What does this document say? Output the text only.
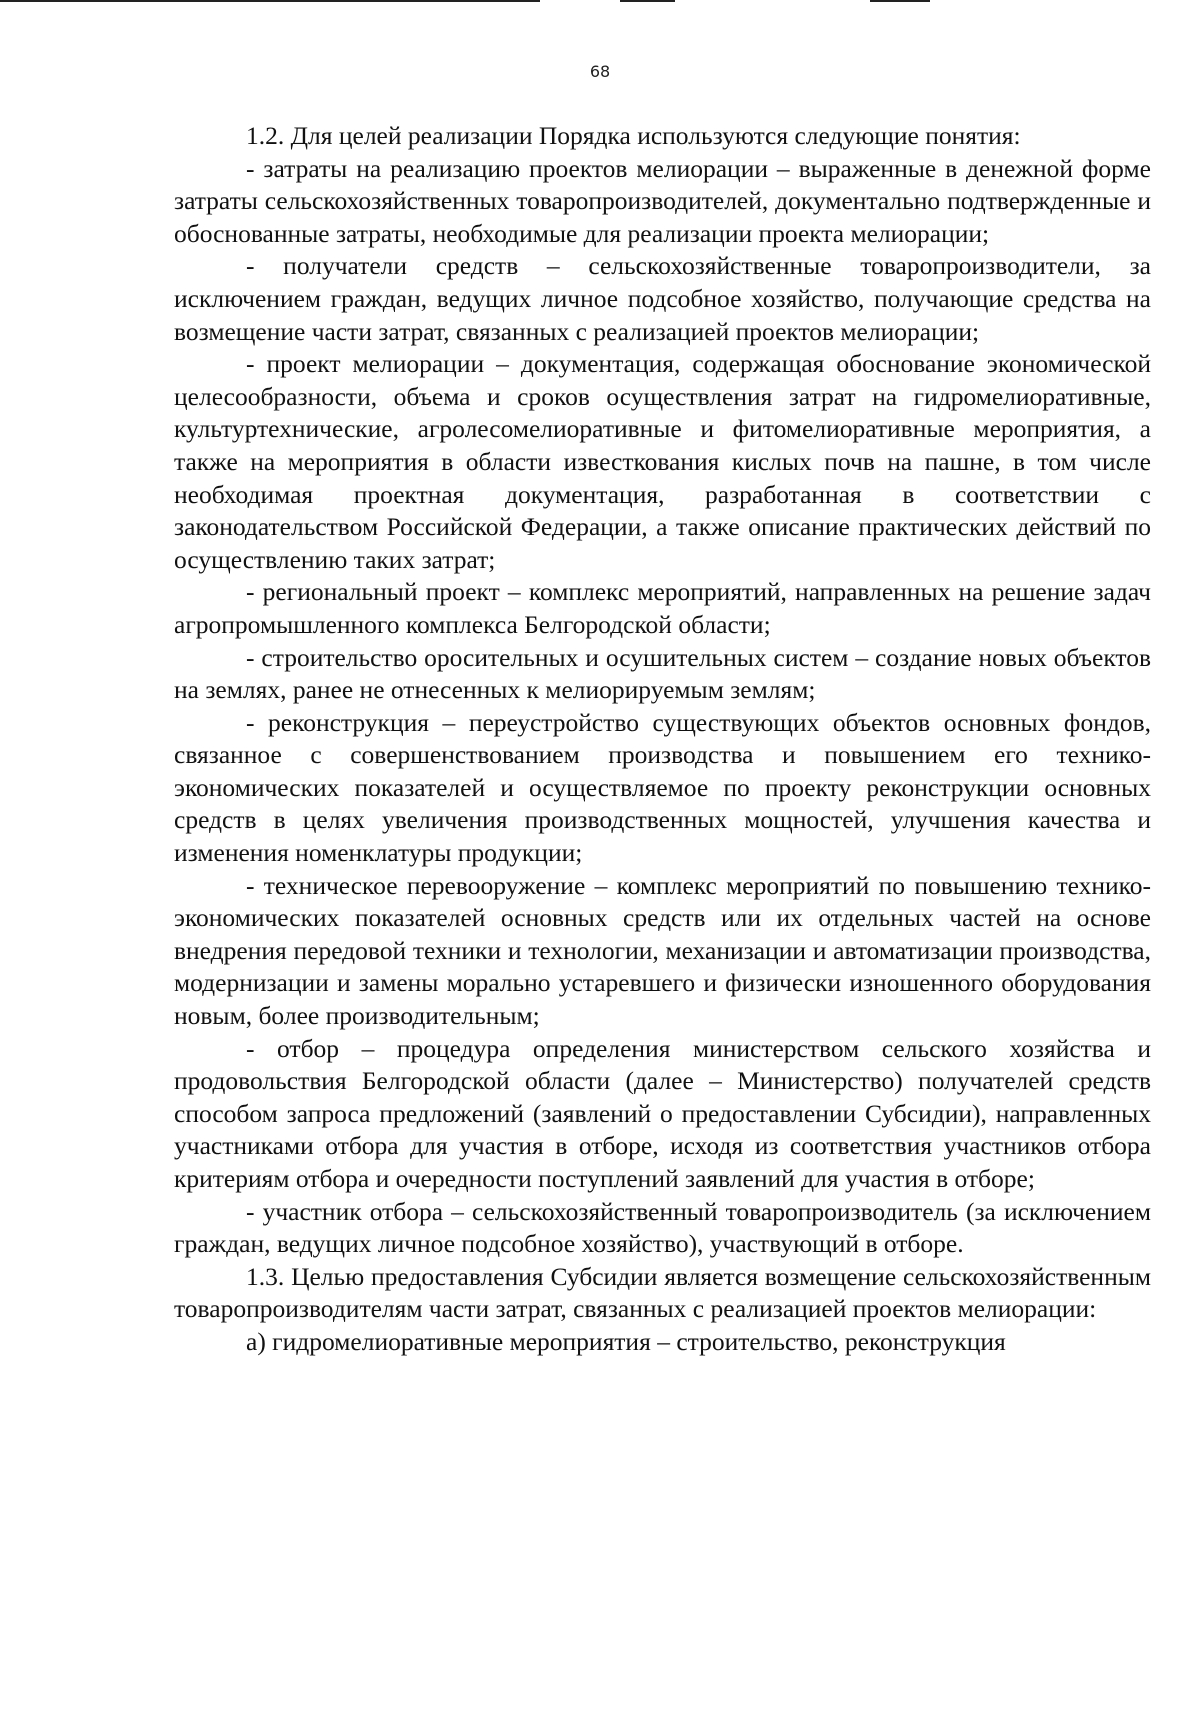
68

1.2. Для целей реализации Порядка используются следующие понятия:

- затраты на реализацию проектов мелиорации – выраженные в денежной форме затраты сельскохозяйственных товаропроизводителей, документально подтвержденные и обоснованные затраты, необходимые для реализации проекта мелиорации;

- получатели средств – сельскохозяйственные товаропроизводители, за исключением граждан, ведущих личное подсобное хозяйство, получающие средства на возмещение части затрат, связанных с реализацией проектов мелиорации;

- проект мелиорации – документация, содержащая обоснование экономической целесообразности, объема и сроков осуществления затрат на гидромелиоративные, культуртехнические, агролесомелиоративные и фитомелиоративные мероприятия, а также на мероприятия в области известкования кислых почв на пашне, в том числе необходимая проектная документация, разработанная в соответствии с законодательством Российской Федерации, а также описание практических действий по осуществлению таких затрат;

- региональный проект – комплекс мероприятий, направленных на решение задач агропромышленного комплекса Белгородской области;

- строительство оросительных и осушительных систем – создание новых объектов на землях, ранее не отнесенных к мелиорируемым землям;

- реконструкция – переустройство существующих объектов основных фондов, связанное с совершенствованием производства и повышением его технико-экономических показателей и осуществляемое по проекту реконструкции основных средств в целях увеличения производственных мощностей, улучшения качества и изменения номенклатуры продукции;

- техническое перевооружение – комплекс мероприятий по повышению технико-экономических показателей основных средств или их отдельных частей на основе внедрения передовой техники и технологии, механизации и автоматизации производства, модернизации и замены морально устаревшего и физически изношенного оборудования новым, более производительным;

- отбор – процедура определения министерством сельского хозяйства и продовольствия Белгородской области (далее – Министерство) получателей средств способом запроса предложений (заявлений о предоставлении Субсидии), направленных участниками отбора для участия в отборе, исходя из соответствия участников отбора критериям отбора и очередности поступлений заявлений для участия в отборе;

- участник отбора – сельскохозяйственный товаропроизводитель (за исключением граждан, ведущих личное подсобное хозяйство), участвующий в отборе.

1.3. Целью предоставления Субсидии является возмещение сельскохозяйственным товаропроизводителям части затрат, связанных с реализацией проектов мелиорации:

а) гидромелиоративные мероприятия – строительство, реконструкция
